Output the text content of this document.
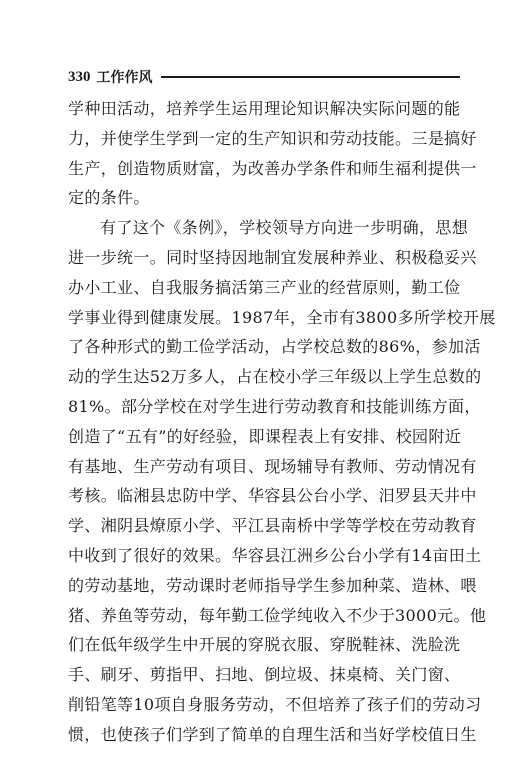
330 工作作风
学种田活动，培养学生运用理论知识解决实际问题的能
力，并使学生学到一定的生产知识和劳动技能。三是搞好
生产，创造物质财富，为改善办学条件和师生福利提供一
定的条件。
有了这个《条例》，学校领导方向进一步明确，思想
进一步统一。同时坚持因地制宜发展种养业、积极稳妥兴
办小工业、自我服务搞活第三产业的经营原则，勤工俭
学事业得到健康发展。1987年，全市有3800多所学校开展
了各种形式的勤工俭学活动，占学校总数的86%，参加活
动的学生达52万多人，占在校小学三年级以上学生总数的
81%。部分学校在对学生进行劳动教育和技能训练方面，
创造了“五有”的好经验，即课程表上有安排、校园附近
有基地、生产劳动有项目、现场辅导有教师、劳动情况有
考核。临湘县忠防中学、华容县公台小学、汨罗县天井中
学、湘阴县燎原小学、平江县南桥中学等学校在劳动教育
中收到了很好的效果。华容县江洲乡公台小学有14亩田土
的劳动基地，劳动课时老师指导学生参加种菜、造林、喂
猪、养鱼等劳动，每年勤工俭学纯收入不少于3000元。他
们在低年级学生中开展的穿脱衣服、穿脱鞋袜、洗脸洗
手、刷牙、剪指甲、扫地、倒垃圾、抹桌椅、关门窗、
削铅笔等10项自身服务劳动，不但培养了孩子们的劳动习
惯，也使孩子们学到了简单的自理生活和当好学校值日生
